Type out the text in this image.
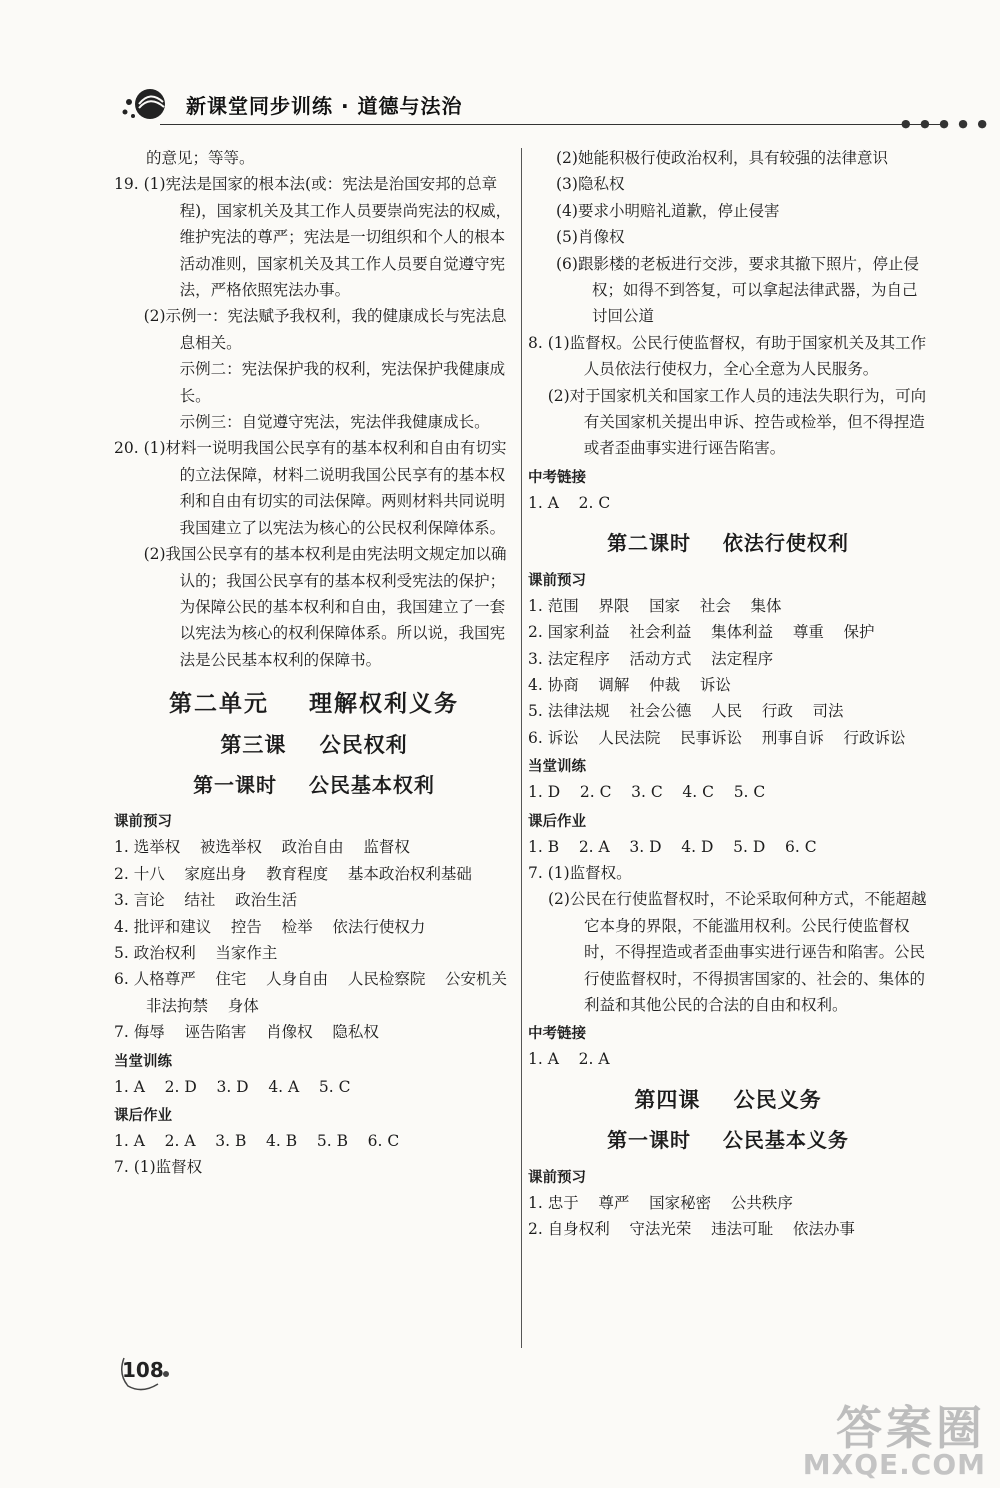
新课堂同步训练 · 道德与法治
● ● ● ● ●
的意见；等等。
19. (1)宪法是国家的根本法(或：宪法是治国安邦的总章程)，国家机关及其工作人员要崇尚宪法的权威，维护宪法的尊严；宪法是一切组织和个人的根本活动准则，国家机关及其工作人员要自觉遵守宪法，严格依照宪法办事。
(2)示例一：宪法赋予我权利，我的健康成长与宪法息息相关。
示例二：宪法保护我的权利，宪法保护我健康成长。
示例三：自觉遵守宪法，宪法伴我健康成长。
20. (1)材料一说明我国公民享有的基本权利和自由有切实的立法保障，材料二说明我国公民享有的基本权利和自由有切实的司法保障。两则材料共同说明我国建立了以宪法为核心的公民权利保障体系。
(2)我国公民享有的基本权利是由宪法明文规定加以确认的；我国公民享有的基本权利受宪法的保护；为保障公民的基本权利和自由，我国建立了一套以宪法为核心的权利保障体系。所以说，我国宪法是公民基本权利的保障书。
第二单元    理解权利义务
第三课    公民权利
第一课时    公民基本权利
课前预习
1. 选举权    被选举权    政治自由    监督权
2. 十八    家庭出身    教育程度    基本政治权利基础
3. 言论    结社    政治生活
4. 批评和建议    控告    检举    依法行使权力
5. 政治权利    当家作主
6. 人格尊严    住宅    人身自由    人民检察院    公安机关    非法拘禁    身体
7. 侮辱    诬告陷害    肖像权    隐私权
当堂训练
1. A    2. D    3. D    4. A    5. C
课后作业
1. A    2. A    3. B    4. B    5. B    6. C
7. (1)监督权
(2)她能积极行使政治权利，具有较强的法律意识
(3)隐私权
(4)要求小明赔礼道歉，停止侵害
(5)肖像权
(6)跟影楼的老板进行交涉，要求其撤下照片，停止侵权；如得不到答复，可以拿起法律武器，为自己讨回公道
8. (1)监督权。公民行使监督权，有助于国家机关及其工作人员依法行使权力，全心全意为人民服务。
(2)对于国家机关和国家工作人员的违法失职行为，可向有关国家机关提出申诉、控告或检举，但不得捏造或者歪曲事实进行诬告陷害。
中考链接
1. A    2. C
第二课时    依法行使权利
课前预习
1. 范围    界限    国家    社会    集体
2. 国家利益    社会利益    集体利益    尊重    保护
3. 法定程序    活动方式    法定程序
4. 协商    调解    仲裁    诉讼
5. 法律法规    社会公德    人民    行政    司法
6. 诉讼    人民法院    民事诉讼    刑事自诉    行政诉讼
当堂训练
1. D    2. C    3. C    4. C    5. C
课后作业
1. B    2. A    3. D    4. D    5. D    6. C
7. (1)监督权。
(2)公民在行使监督权时，不论采取何种方式，不能超越它本身的界限，不能滥用权利。公民行使监督权时，不得捏造或者歪曲事实进行诬告和陷害。公民行使监督权时，不得损害国家的、社会的、集体的利益和其他公民的合法的自由和权利。
中考链接
1. A    2. A
第四课    公民义务
第一课时    公民基本义务
课前预习
1. 忠于    尊严    国家秘密    公共秩序
2. 自身权利    守法光荣    违法可耻    依法办事
108
答案圈
MXQE.COM
